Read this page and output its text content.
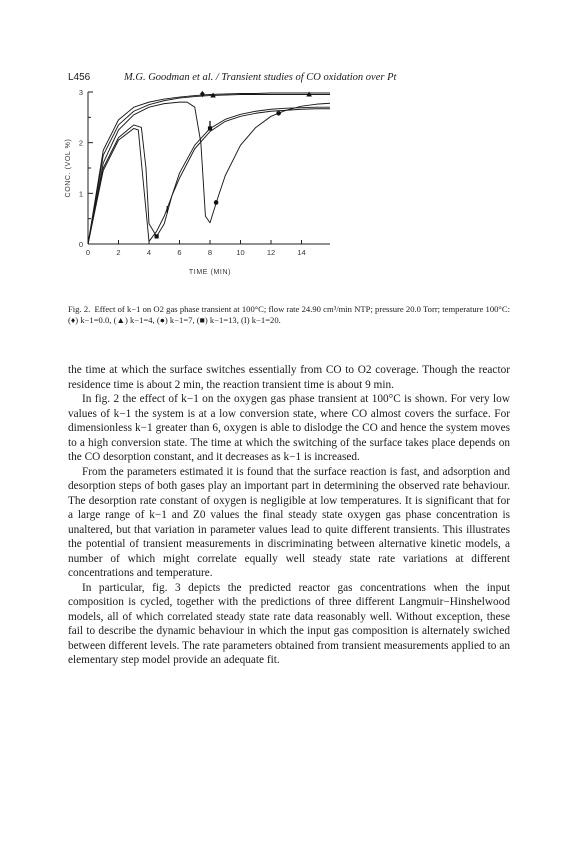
L456	M.G. Goodman et al. / Transient studies of CO oxidation over Pt
0	2	4	6	8	10	12	14
0
1
2
3
TIME (MIN)
CONC. (VOL %)
Fig. 2. Effect of k−1 on O2 gas phase transient at 100°C; flow rate 24.90 cm³/min NTP; pressure 20.0 Torr; temperature 100°C: (♦) k−1=0.0, (▲) k−1=4, (●) k−1=7, (■) k−1=13, (I) k−1=20.

the time at which the surface switches essentially from CO to O2 coverage. Though the reactor residence time is about 2 min, the reaction transient time is about 9 min.

In fig. 2 the effect of k−1 on the oxygen gas phase transient at 100°C is shown. For very low values of k−1 the system is at a low conversion state, where CO almost covers the surface. For dimensionless k−1 greater than 6, oxygen is able to dislodge the CO and hence the system moves to a high conversion state. The time at which the switching of the surface takes place depends on the CO desorption constant, and it decreases as k−1 is increased.

From the parameters estimated it is found that the surface reaction is fast, and adsorption and desorption steps of both gases play an important part in determining the observed rate behaviour. The desorption rate constant of oxygen is negligible at low temperatures. It is significant that for a large range of k−1 and Z0 values the final steady state oxygen gas phase concentration is unaltered, but that variation in parameter values lead to quite different transients. This illustrates the potential of transient measurements in discriminating between alternative kinetic models, a number of which might correlate equally well steady state rate variations at different concentrations and temperature.

In particular, fig. 3 depicts the predicted reactor gas concentrations when the input composition is cycled, together with the predictions of three different Langmuir−Hinshelwood models, all of which correlated steady state rate data reasonably well. Without exception, these fail to describe the dynamic behaviour in which the input gas composition is alternately swiched between different levels. The rate parameters obtained from transient measurements applied to an elementary step model provide an adequate fit.
